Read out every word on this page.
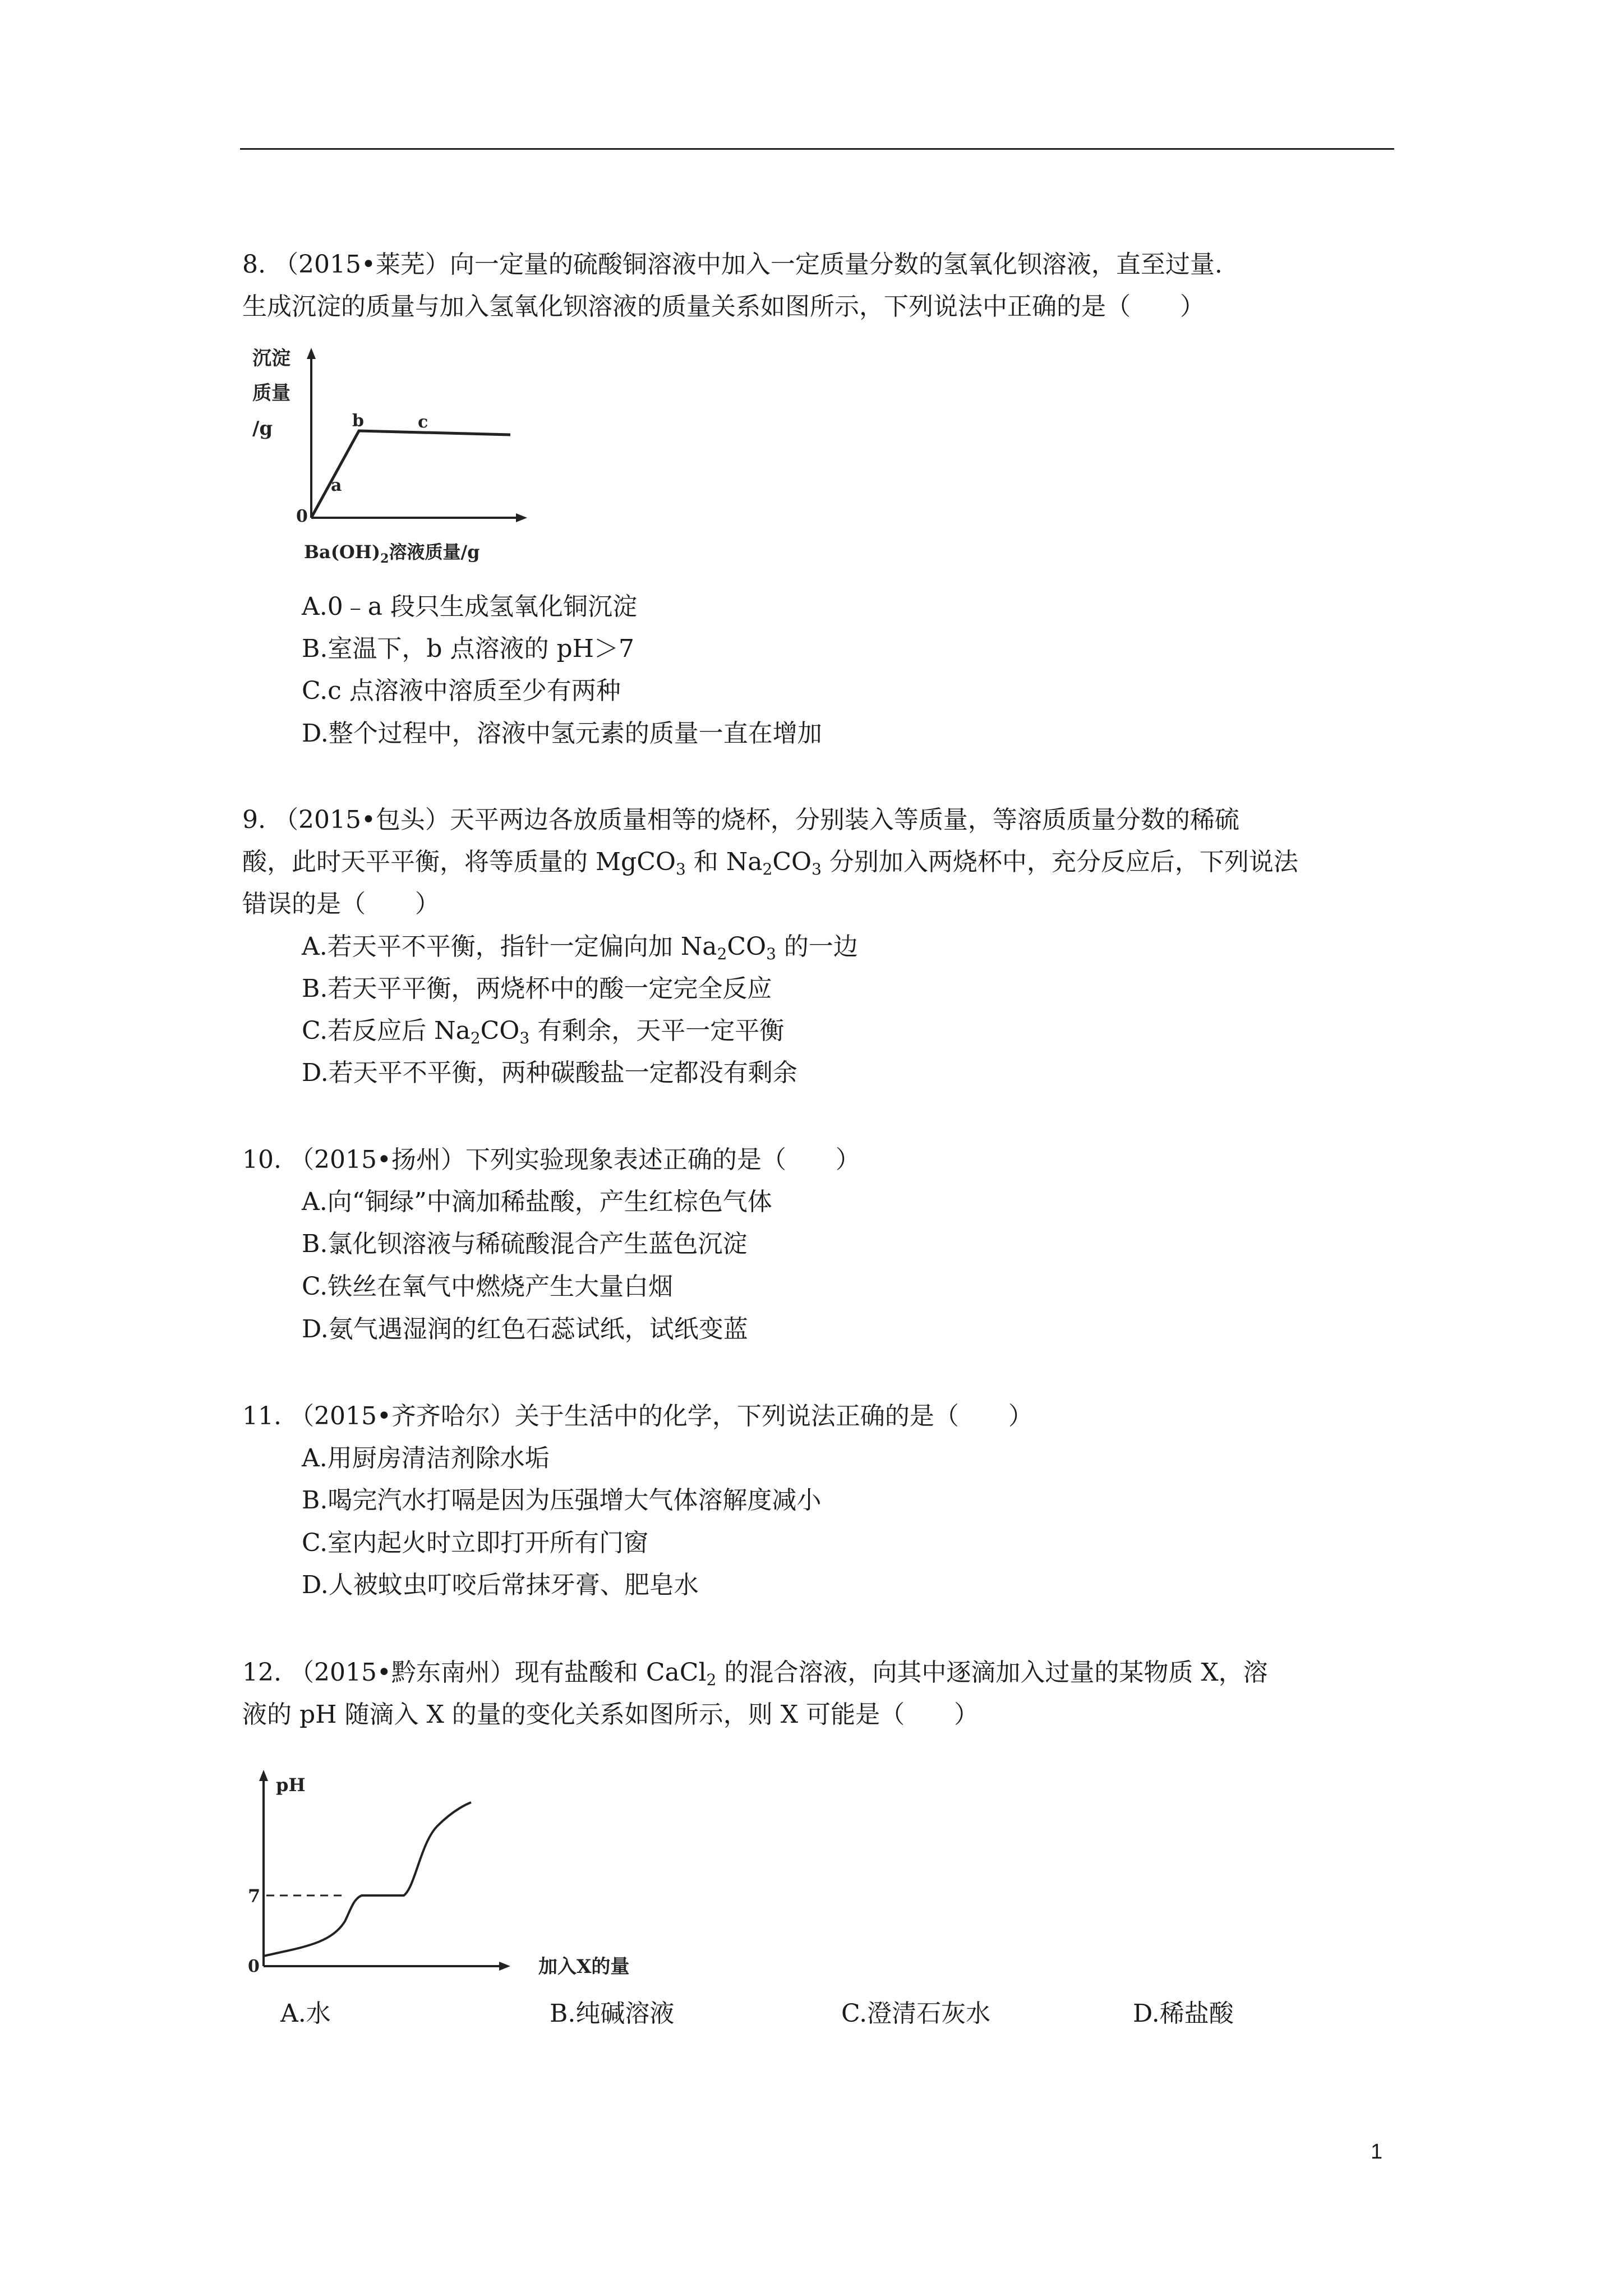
8. （2015•莱芜）向一定量的硫酸铜溶液中加入一定质量分数的氢氧化钡溶液，直至过量.
生成沉淀的质量与加入氢氧化钡溶液的质量关系如图所示，下列说法中正确的是（　　）
沉淀
质量
/g
0
a
b	c
$Ba(OH)_2$溶液质量/g
A.0﹣a 段只生成氢氧化铜沉淀
B.室温下，b 点溶液的 pH＞7
C.c 点溶液中溶质至少有两种
D.整个过程中，溶液中氢元素的质量一直在增加
9. （2015•包头）天平两边各放质量相等的烧杯，分别装入等质量，等溶质质量分数的稀硫
酸，此时天平平衡，将等质量的 MgCO$_3$ 和 $Na_2CO_3$ 分别加入两烧杯中，充分反应后，下列说法
错误的是（　　）
A.若天平不平衡，指针一定偏向加 $Na_2CO_3$ 的一边
B.若天平平衡，两烧杯中的酸一定完全反应
C.若反应后 $Na_2CO_3$ 有剩余，天平一定平衡
D.若天平不平衡，两种碳酸盐一定都没有剩余
10. （2015•扬州）下列实验现象表述正确的是（　　）
A.向“铜绿”中滴加稀盐酸，产生红棕色气体
B.氯化钡溶液与稀硫酸混合产生蓝色沉淀
C.铁丝在氧气中燃烧产生大量白烟
D.氨气遇湿润的红色石蕊试纸，试纸变蓝
11. （2015•齐齐哈尔）关于生活中的化学，下列说法正确的是（　　）
A.用厨房清洁剂除水垢
B.喝完汽水打嗝是因为压强增大气体溶解度减小
C.室内起火时立即打开所有门窗
D.人被蚊虫叮咬后常抹牙膏、肥皂水
12. （2015•黔东南州）现有盐酸和 CaCl$_2$ 的混合溶液，向其中逐滴加入过量的某物质 X，溶
液的 pH 随滴入 X 的量的变化关系如图所示，则 X 可能是（　　）
pH
7
0	加入X的量
A.水	B.纯碱溶液	C.澄清石灰水	D.稀盐酸
1
